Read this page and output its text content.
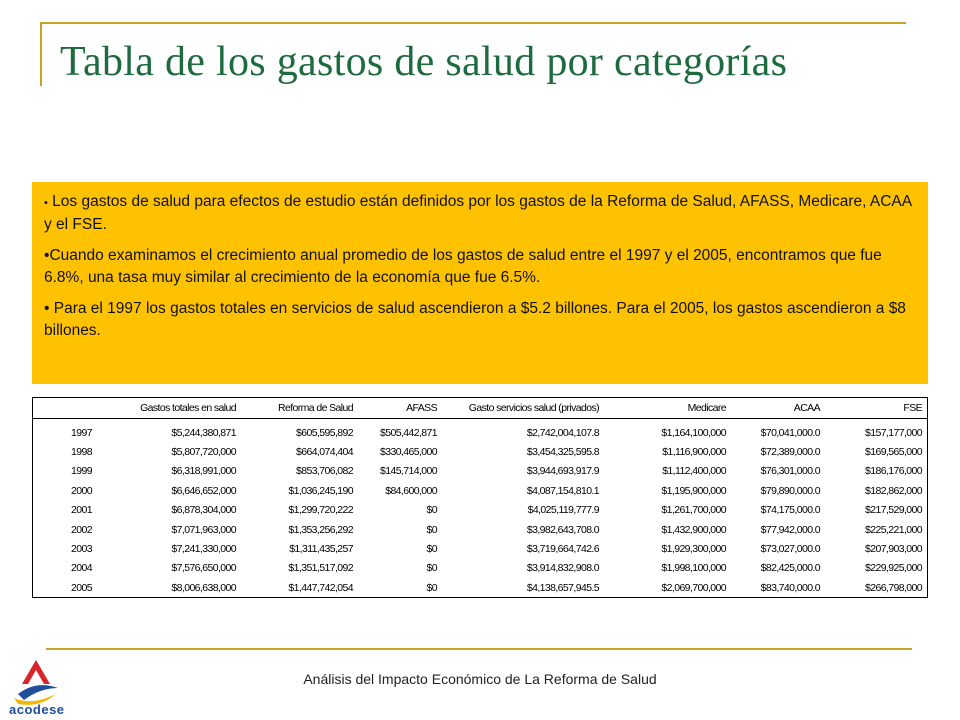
Tabla de los gastos de salud por categorías

• Los gastos de salud para efectos de estudio están definidos por los gastos de la Reforma de Salud, AFASS, Medicare, ACAA y el FSE.

•Cuando examinamos el crecimiento anual promedio de los gastos de salud entre el 1997 y el 2005, encontramos que fue 6.8%, una tasa muy similar al crecimiento de la economía que fue 6.5%.

• Para el 1997 los gastos totales en servicios de salud ascendieron a $5.2 billones. Para el 2005, los gastos ascendieron a $8 billones.

	Gastos totales en salud	Reforma de Salud	AFASS	Gasto servicios salud (privados)	Medicare	ACAA	FSE

1997	$5,244,380,871	$605,595,892	$505,442,871	$2,742,004,107.8	$1,164,100,000	$70,041,000.0	$157,177,000
1998	$5,807,720,000	$664,074,404	$330,465,000	$3,454,325,595.8	$1,116,900,000	$72,389,000.0	$169,565,000
1999	$6,318,991,000	$853,706,082	$145,714,000	$3,944,693,917.9	$1,112,400,000	$76,301,000.0	$186,176,000
2000	$6,646,652,000	$1,036,245,190	$84,600,000	$4,087,154,810.1	$1,195,900,000	$79,890,000.0	$182,862,000
2001	$6,878,304,000	$1,299,720,222	$0	$4,025,119,777.9	$1,261,700,000	$74,175,000.0	$217,529,000
2002	$7,071,963,000	$1,353,256,292	$0	$3,982,643,708.0	$1,432,900,000	$77,942,000.0	$225,221,000
2003	$7,241,330,000	$1,311,435,257	$0	$3,719,664,742.6	$1,929,300,000	$73,027,000.0	$207,903,000
2004	$7,576,650,000	$1,351,517,092	$0	$3,914,832,908.0	$1,998,100,000	$82,425,000.0	$229,925,000
2005	$8,006,638,000	$1,447,742,054	$0	$4,138,657,945.5	$2,069,700,000	$83,740,000.0	$266,798,000

Análisis del Impacto Económico de La Reforma de Salud

acodese
